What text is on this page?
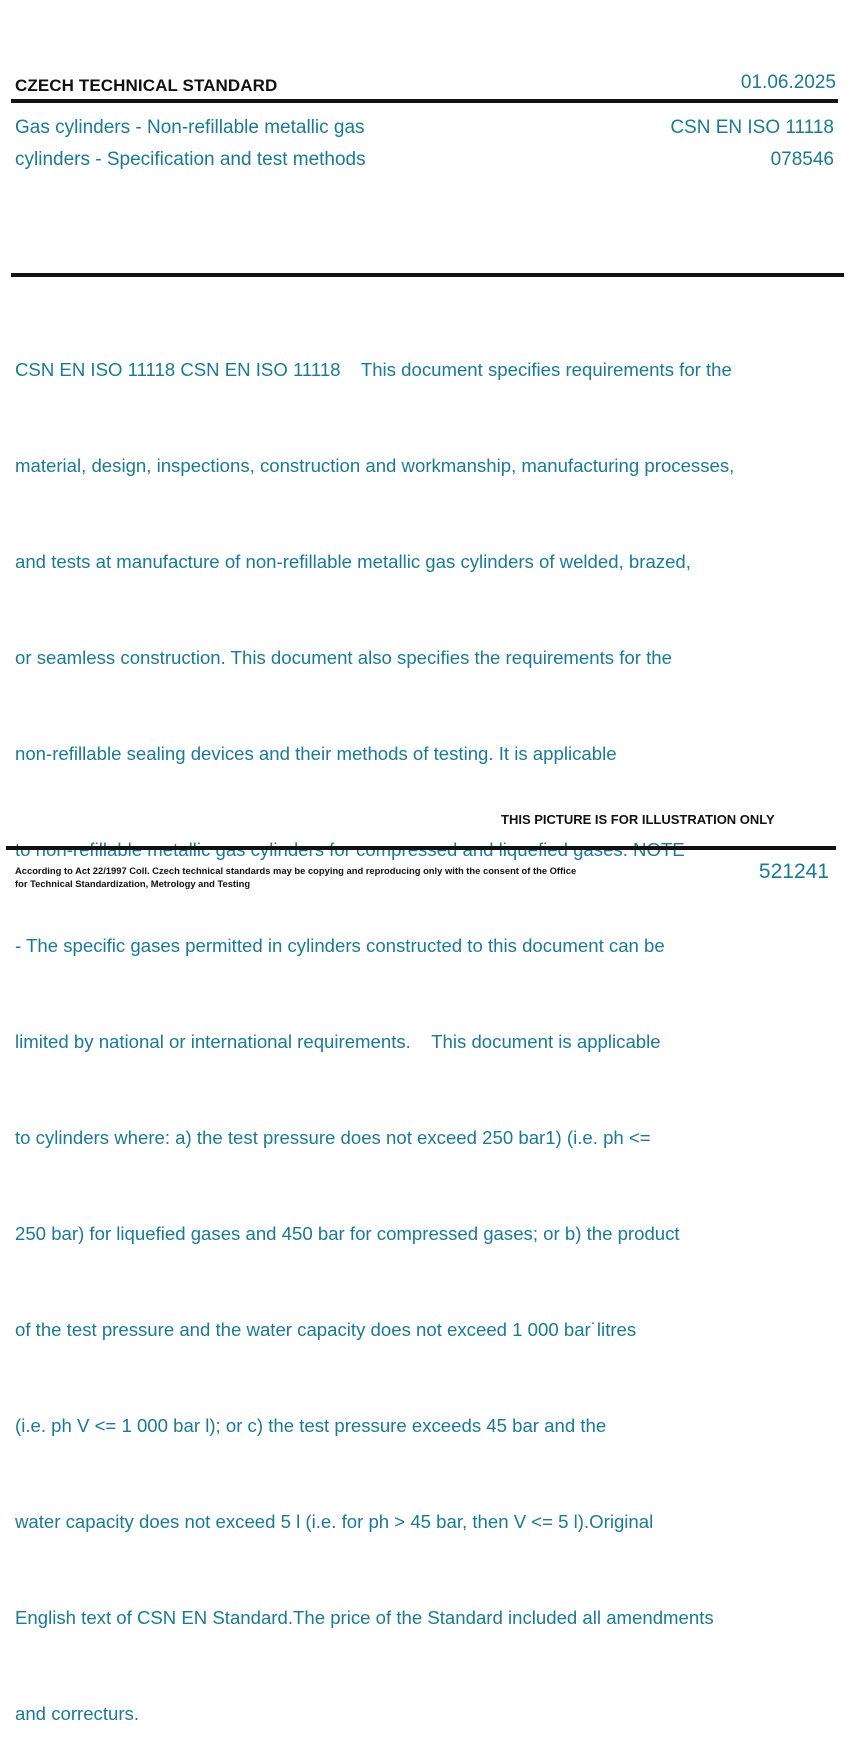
CZECH TECHNICAL STANDARD	01.06.2025
Gas cylinders - Non-refillable metallic gas
cylinders - Specification and test methods
CSN EN ISO 11118
078546

CSN EN ISO 11118 CSN EN ISO 11118    This document specifies requirements for the

material, design, inspections, construction and workmanship, manufacturing processes,

and tests at manufacture of non-refillable metallic gas cylinders of welded, brazed,

or seamless construction. This document also specifies the requirements for the

non-refillable sealing devices and their methods of testing. It is applicable

- The specific gases permitted in cylinders constructed to this document can be

limited by national or international requirements.    This document is applicable

to cylinders where: a) the test pressure does not exceed 250 bar1) (i.e. ph <=

250 bar) for liquefied gases and 450 bar for compressed gases; or b) the product

of the test pressure and the water capacity does not exceed 1 000 bar˙litres

(i.e. ph V <= 1 000 bar l); or c) the test pressure exceeds 45 bar and the

water capacity does not exceed 5 l (i.e. for ph > 45 bar, then V <= 5 l).Original

English text of CSN EN Standard.The price of the Standard included all amendments

and correcturs.

THIS PICTURE IS FOR ILLUSTRATION ONLY
According to Act 22/1997 Coll. Czech technical standards may be copying and reproducing only with the consent of the Office
for Technical Standardization, Metrology and Testing
521241
